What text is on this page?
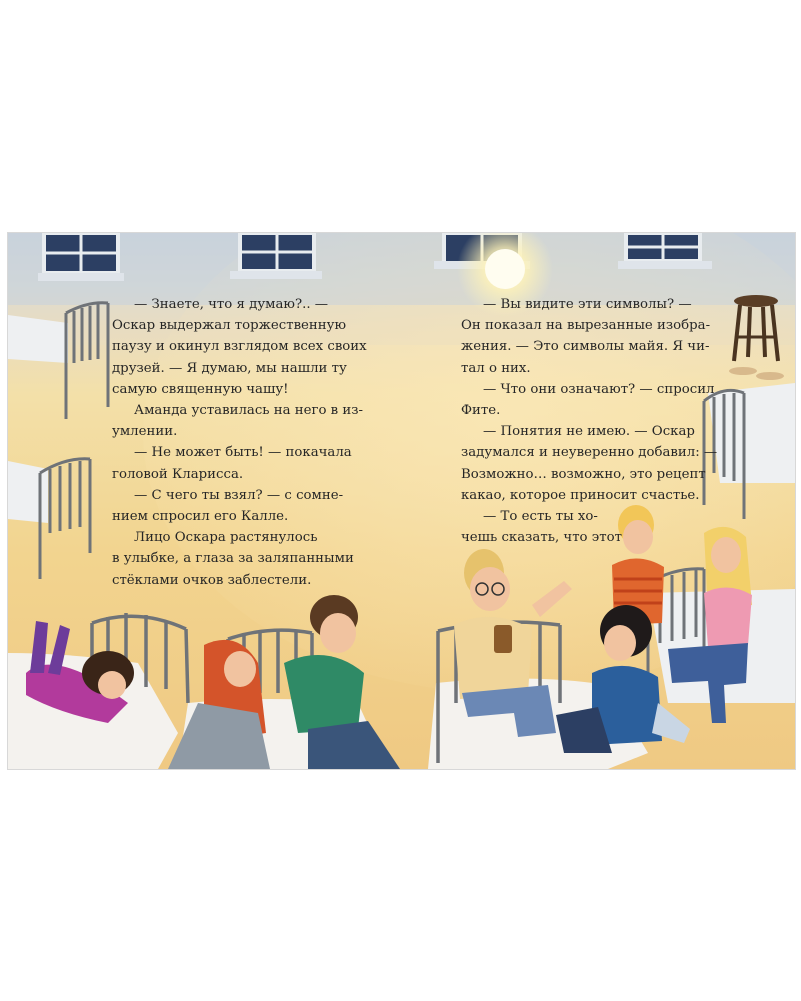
— Знаете, что я думаю?.. —

Оскар выдержал торжественную

паузу и окинул взглядом всех своих

друзей. — Я думаю, мы нашли ту

самую священную чашу!

Аманда уставилась на него в из-

умлении.

— Не может быть! — покачала

головой Кларисса.

— С чего ты взял? — с сомне-

нием спросил его Калле.

Лицо Оскара растянулось

в улыбке, а глаза за заляпанными

стёклами очков заблестели.

— Вы видите эти символы? —

Он показал на вырезанные изобра-

жения. — Это символы майя. Я чи-

тал о них.

— Что они означают? — спросил

Фите.

— Понятия не имею. — Оскар

задумался и неуверенно добавил: —

Возможно… возможно, это рецепт

какао, которое приносит счастье.

— То есть ты хо-

чешь сказать, что этот
